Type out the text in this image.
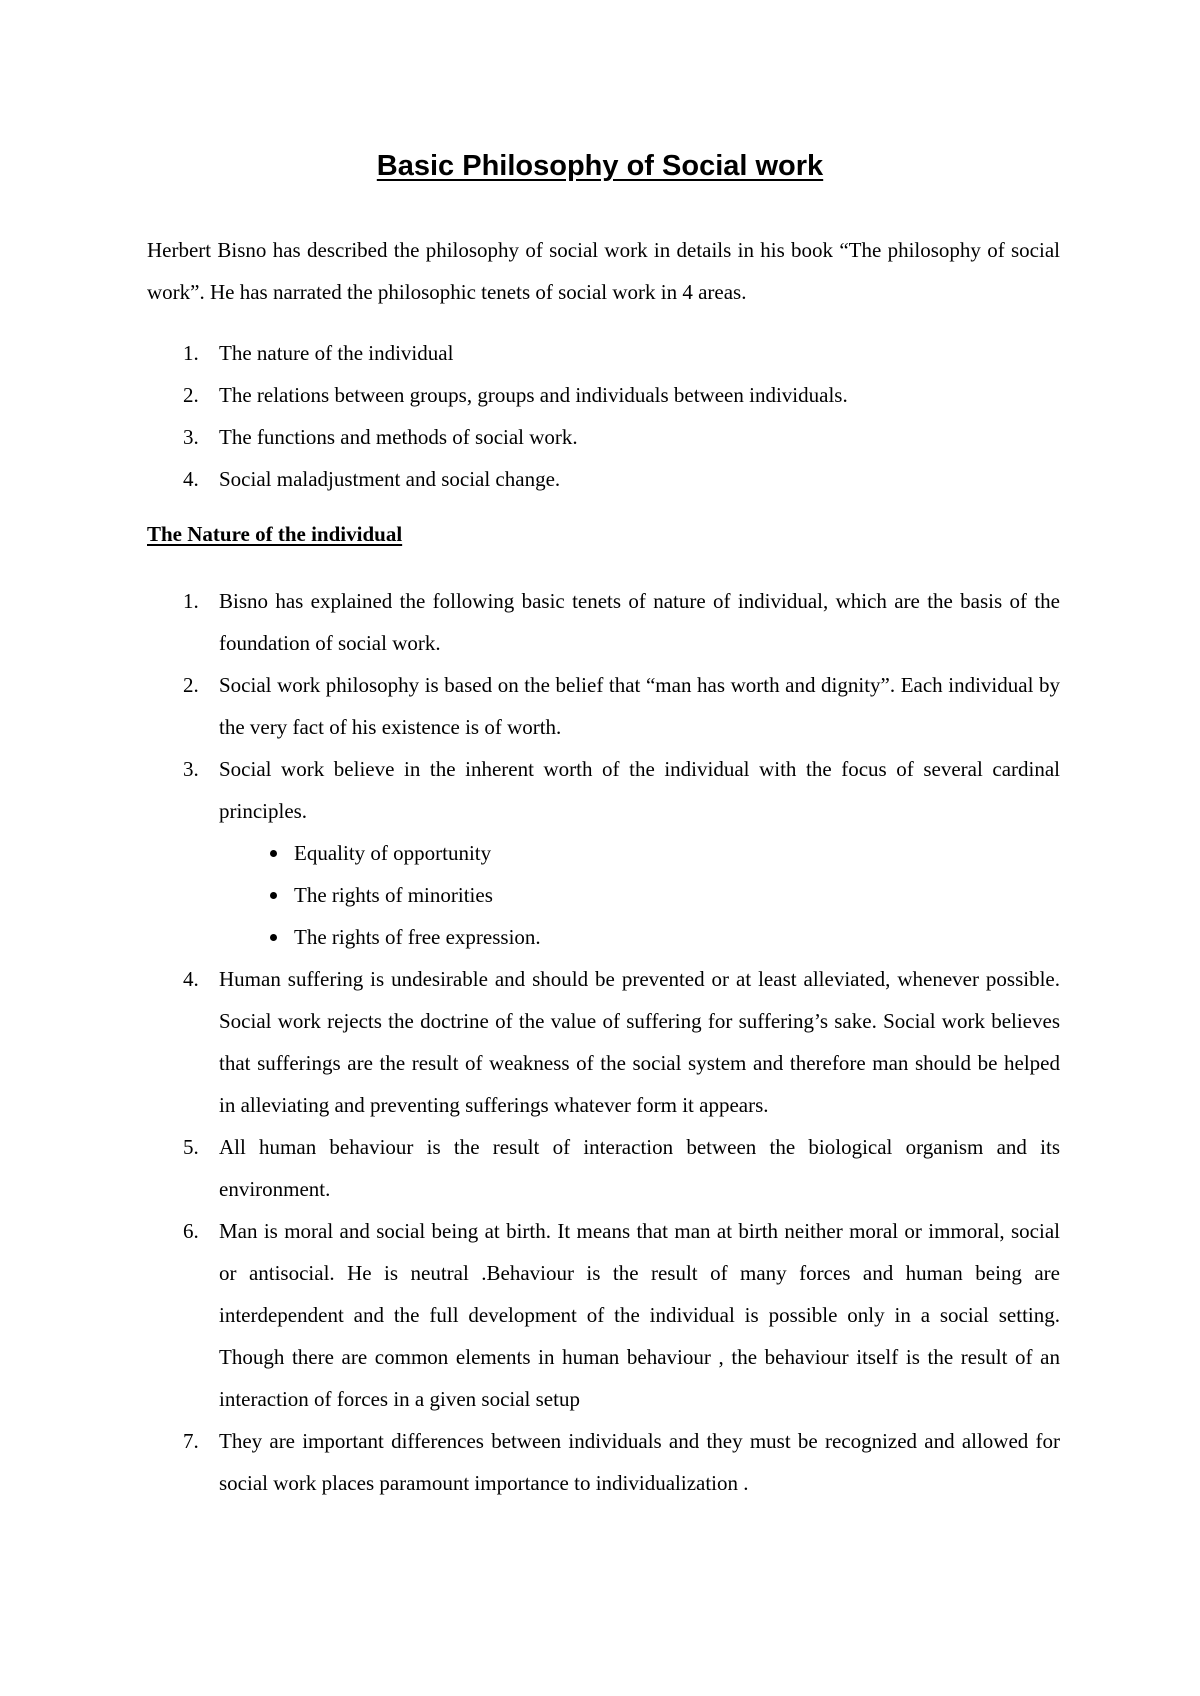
Basic Philosophy of Social work

Herbert Bisno has described the philosophy of social work in details in his book “The philosophy of social work”. He has narrated the philosophic tenets of social work in 4 areas.

1. The nature of the individual
2. The relations between groups, groups and individuals between individuals.
3. The functions and methods of social work.
4. Social maladjustment and social change.
The Nature of the individual
1. Bisno has explained the following basic tenets of nature of individual, which are the basis of the foundation of social work.
2. Social work philosophy is based on the belief that “man has worth and dignity”. Each individual by the very fact of his existence is of worth.
3. Social work believe in the inherent worth of the individual with the focus of several cardinal principles.
Equality of opportunity
The rights of minorities
The rights of free expression.
4. Human suffering is undesirable and should be prevented or at least alleviated, whenever possible. Social work rejects the doctrine of the value of suffering for suffering’s sake. Social work believes that sufferings are the result of weakness of the social system and therefore man should be helped in alleviating and preventing sufferings whatever form it appears.
5. All human behaviour is the result of interaction between the biological organism and its environment.
6. Man is moral and social being at birth. It means that man at birth neither moral or immoral, social or antisocial. He is neutral .Behaviour is the result of many forces and human being are interdependent and the full development of the individual is possible only in a social setting. Though there are common elements in human behaviour , the behaviour itself is the result of an interaction of forces in a given social setup
7. They are important differences between individuals and they must be recognized and allowed for social work places paramount importance to individualization .
